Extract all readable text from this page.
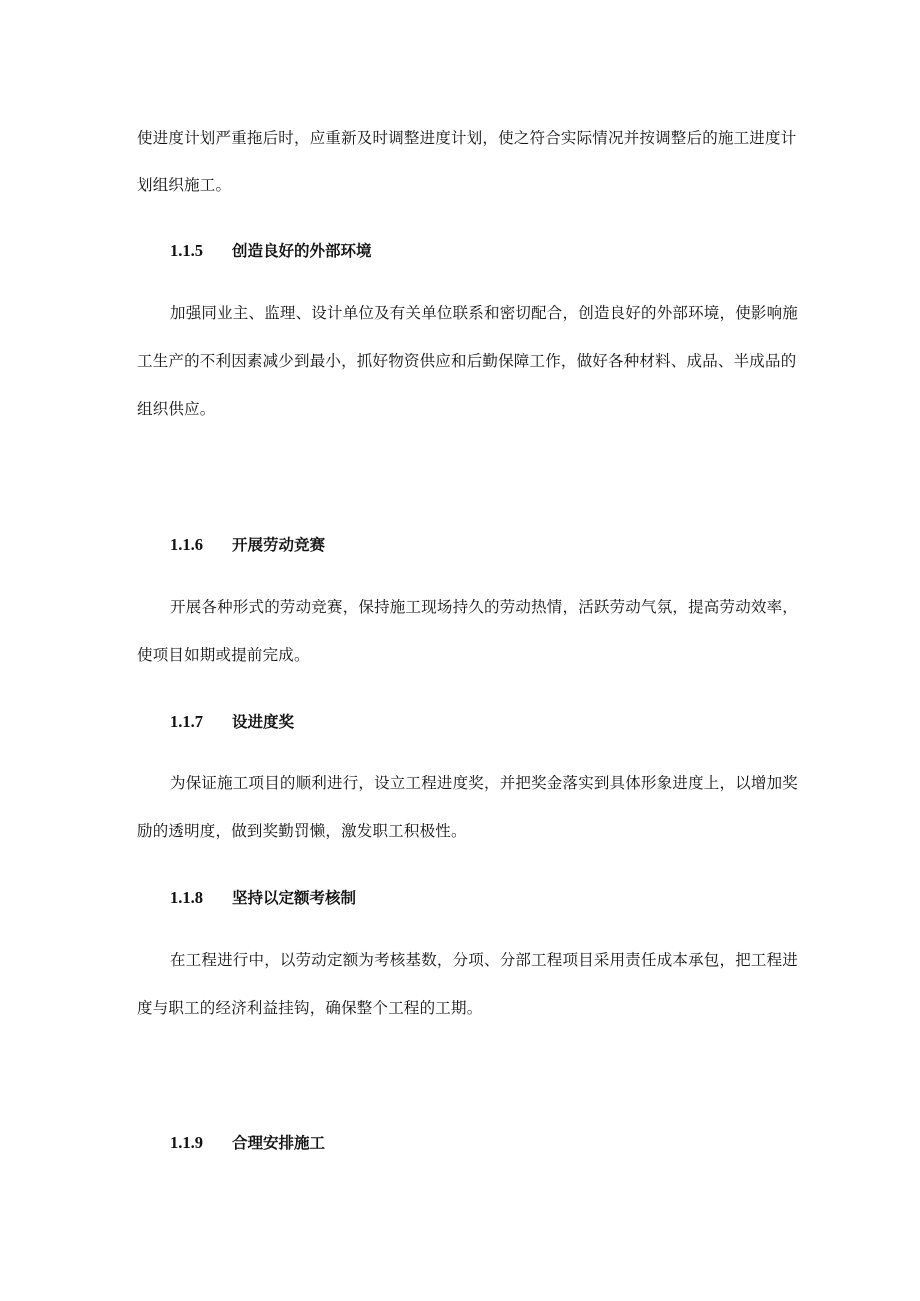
使进度计划严重拖后时，应重新及时调整进度计划，使之符合实际情况并按调整后的施工进度计
划组织施工。
1.1.5 创造良好的外部环境
加强同业主、监理、设计单位及有关单位联系和密切配合，创造良好的外部环境，使影响施
工生产的不利因素减少到最小，抓好物资供应和后勤保障工作，做好各种材料、成品、半成品的
组织供应。
1.1.6 开展劳动竞赛
开展各种形式的劳动竞赛，保持施工现场持久的劳动热情，活跃劳动气氛，提高劳动效率，
使项目如期或提前完成。
1.1.7 设进度奖
为保证施工项目的顺利进行，设立工程进度奖，并把奖金落实到具体形象进度上，以增加奖
励的透明度，做到奖勤罚懒，激发职工积极性。
1.1.8 坚持以定额考核制
在工程进行中，以劳动定额为考核基数，分项、分部工程项目采用责任成本承包，把工程进
度与职工的经济利益挂钩，确保整个工程的工期。
1.1.9 合理安排施工
